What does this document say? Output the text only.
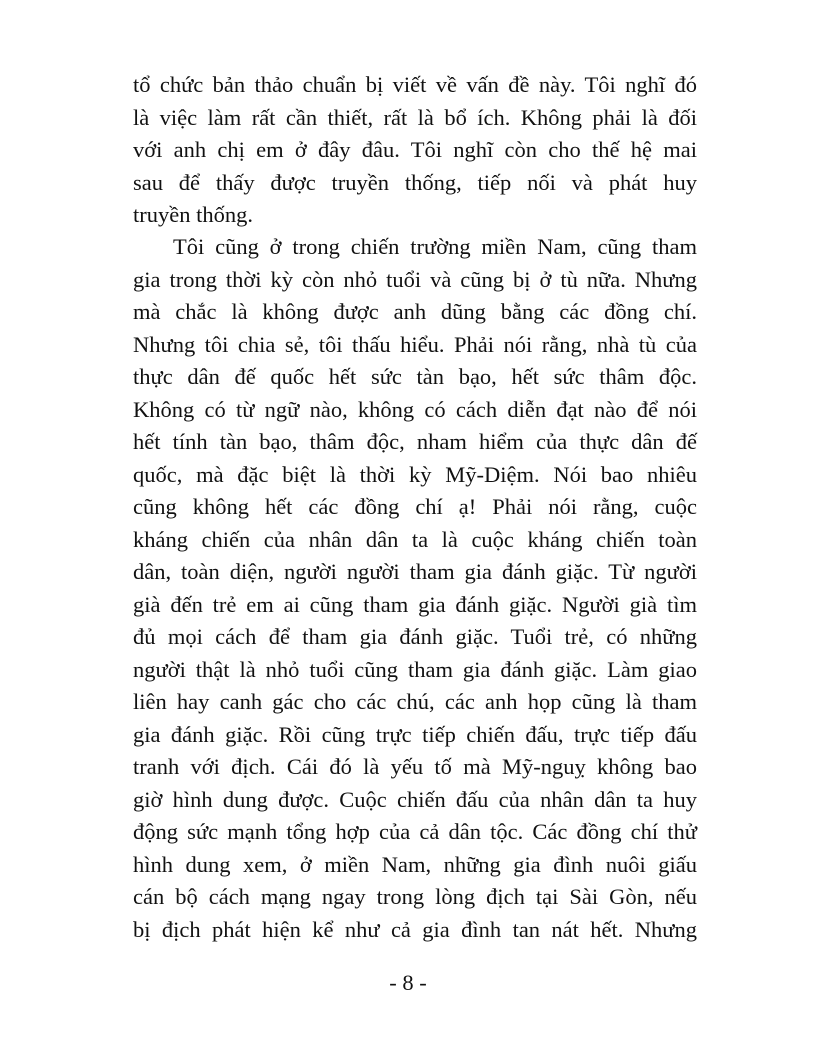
tổ chức bản thảo chuẩn bị viết về vấn đề này. Tôi nghĩ đó
là việc làm rất cần thiết, rất là bổ ích. Không phải là đối
với anh chị em ở đây đâu. Tôi nghĩ còn cho thế hệ mai
sau để thấy được truyền thống, tiếp nối và phát huy
truyền thống.
Tôi cũng ở trong chiến trường miền Nam, cũng tham
gia trong thời kỳ còn nhỏ tuổi và cũng bị ở tù nữa. Nhưng
mà chắc là không được anh dũng bằng các đồng chí.
Nhưng tôi chia sẻ, tôi thấu hiểu. Phải nói rằng, nhà tù của
thực dân đế quốc hết sức tàn bạo, hết sức thâm độc.
Không có từ ngữ nào, không có cách diễn đạt nào để nói
hết tính tàn bạo, thâm độc, nham hiểm của thực dân đế
quốc, mà đặc biệt là thời kỳ Mỹ-Diệm. Nói bao nhiêu
cũng không hết các đồng chí ạ! Phải nói rằng, cuộc
kháng chiến của nhân dân ta là cuộc kháng chiến toàn
dân, toàn diện, người người tham gia đánh giặc. Từ người
già đến trẻ em ai cũng tham gia đánh giặc. Người già tìm
đủ mọi cách để tham gia đánh giặc. Tuổi trẻ, có những
người thật là nhỏ tuổi cũng tham gia đánh giặc. Làm giao
liên hay canh gác cho các chú, các anh họp cũng là tham
gia đánh giặc. Rồi cũng trực tiếp chiến đấu, trực tiếp đấu
tranh với địch. Cái đó là yếu tố mà Mỹ-nguỵ không bao
giờ hình dung được. Cuộc chiến đấu của nhân dân ta huy
động sức mạnh tổng hợp của cả dân tộc. Các đồng chí thử
hình dung xem, ở miền Nam, những gia đình nuôi giấu
cán bộ cách mạng ngay trong lòng địch tại Sài Gòn, nếu
bị địch phát hiện kể như cả gia đình tan nát hết. Nhưng
- 8 -
